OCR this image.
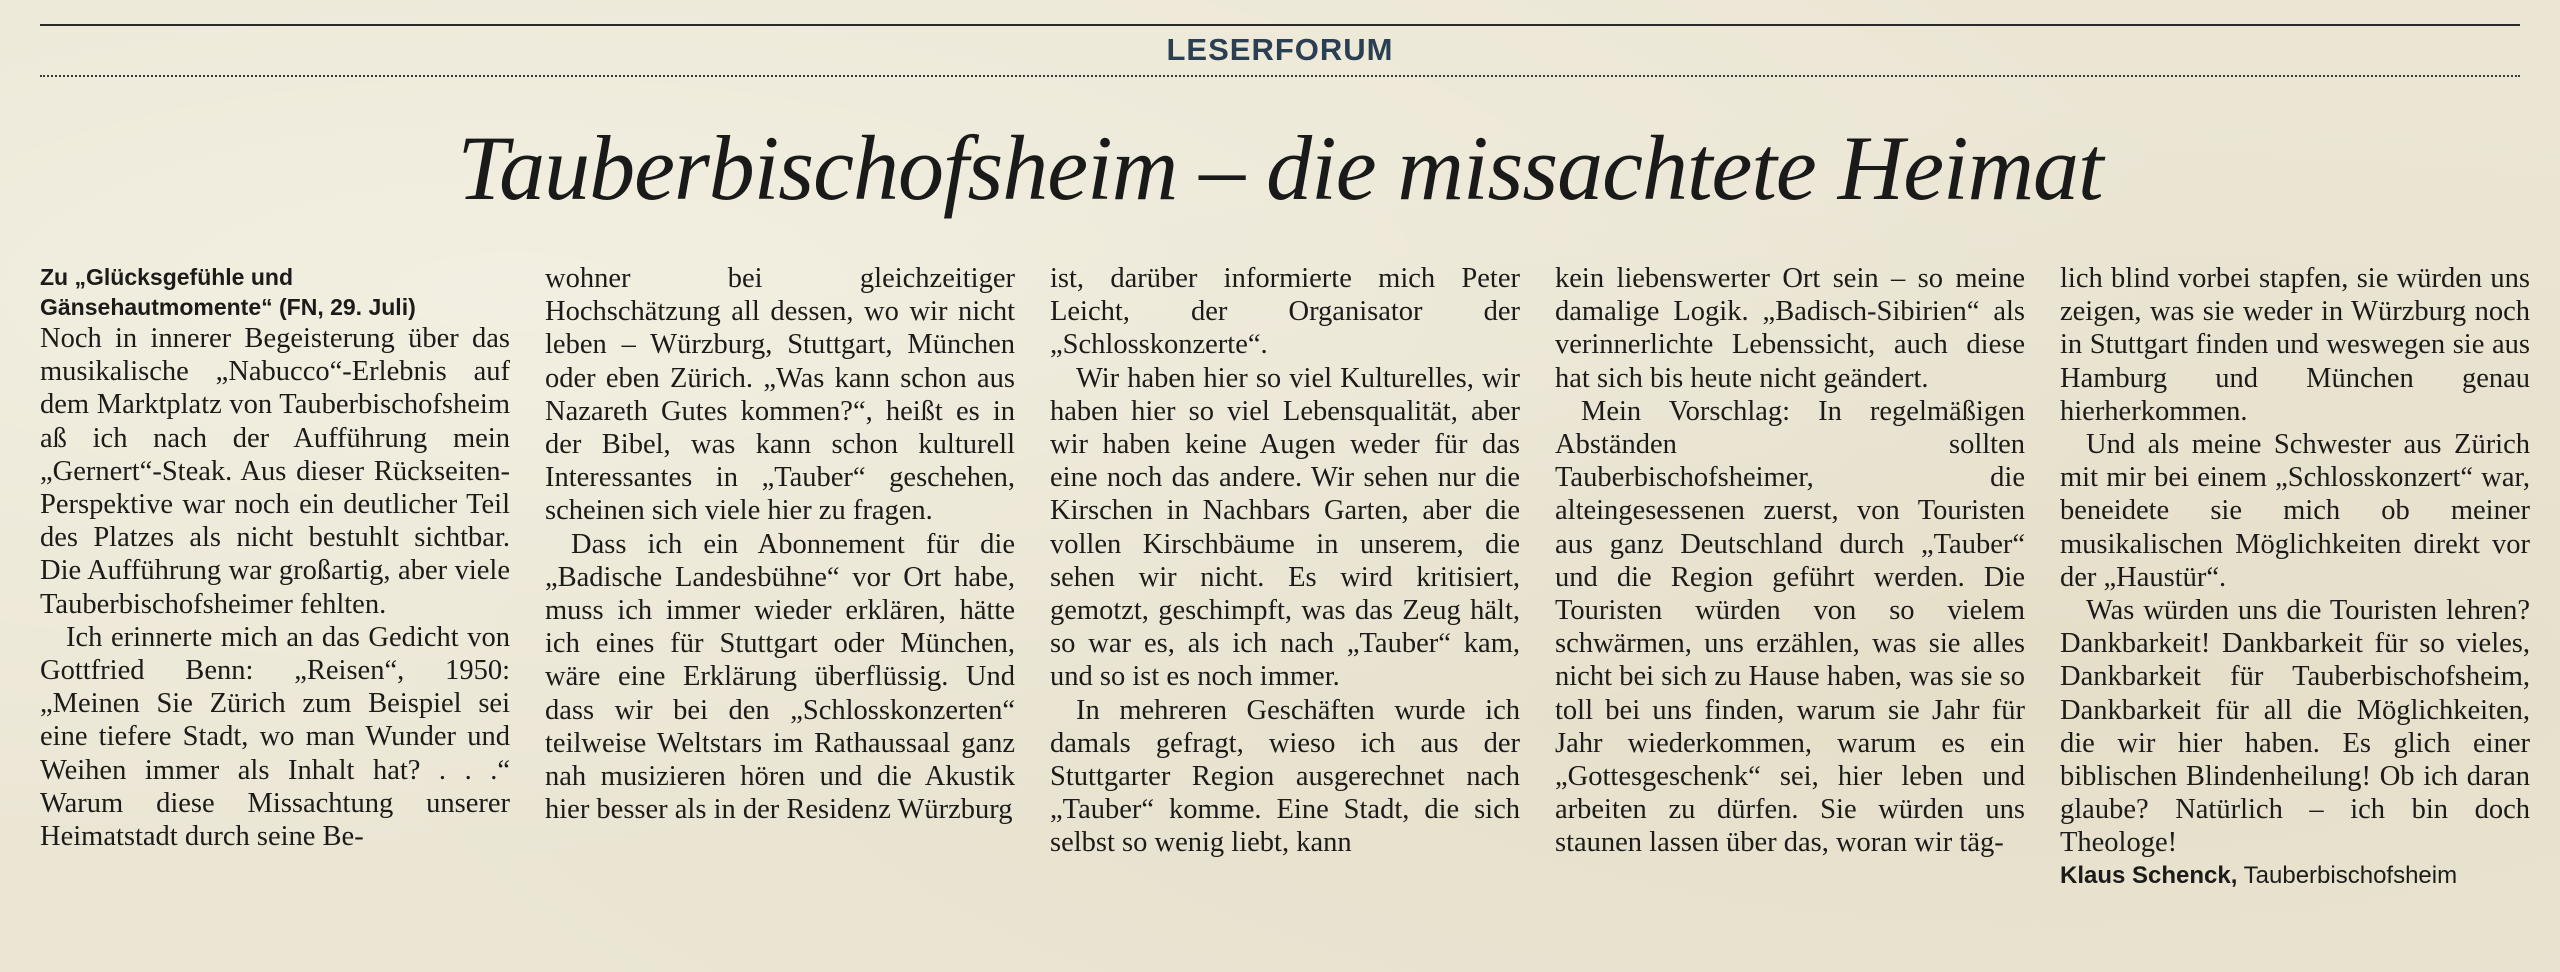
LESERFORUM
Tauberbischofsheim – die missachtete Heimat

Zu „Glücksgefühle und

Gänsehautmomente“ (FN, 29. Juli)

Noch in innerer Begeisterung über das musikalische „Nabucco“-Erlebnis auf dem Marktplatz von Tauberbischofsheim aß ich nach der Aufführung mein „Gernert“-Steak. Aus dieser Rückseiten-Perspektive war noch ein deutlicher Teil des Platzes als nicht bestuhlt sichtbar. Die Aufführung war großartig, aber viele Tauberbischofsheimer fehlten.

Ich erinnerte mich an das Gedicht von Gottfried Benn: „Reisen“, 1950: „Meinen Sie Zürich zum Beispiel sei eine tiefere Stadt, wo man Wunder und Weihen immer als Inhalt hat? . . .“ Warum diese Missachtung unserer Heimatstadt durch seine Be-

wohner bei gleichzeitiger Hochschätzung all dessen, wo wir nicht leben – Würzburg, Stuttgart, München oder eben Zürich. „Was kann schon aus Nazareth Gutes kommen?“, heißt es in der Bibel, was kann schon kulturell Interessantes in „Tauber“ geschehen, scheinen sich viele hier zu fragen.

Dass ich ein Abonnement für die „Badische Landesbühne“ vor Ort habe, muss ich immer wieder erklären, hätte ich eines für Stuttgart oder München, wäre eine Erklärung überflüssig. Und dass wir bei den „Schlosskonzerten“ teilweise Weltstars im Rathaussaal ganz nah musizieren hören und die Akustik hier besser als in der Residenz Würzburg

ist, darüber informierte mich Peter Leicht, der Organisator der „Schlosskonzerte“.

Wir haben hier so viel Kulturelles, wir haben hier so viel Lebensqualität, aber wir haben keine Augen weder für das eine noch das andere. Wir sehen nur die Kirschen in Nachbars Garten, aber die vollen Kirschbäume in unserem, die sehen wir nicht. Es wird kritisiert, gemotzt, geschimpft, was das Zeug hält, so war es, als ich nach „Tauber“ kam, und so ist es noch immer.

In mehreren Geschäften wurde ich damals gefragt, wieso ich aus der Stuttgarter Region ausgerechnet nach „Tauber“ komme. Eine Stadt, die sich selbst so wenig liebt, kann

kein liebenswerter Ort sein – so meine damalige Logik. „Badisch-Sibirien“ als verinnerlichte Lebenssicht, auch diese hat sich bis heute nicht geändert.

Mein Vorschlag: In regelmäßigen Abständen sollten Tauberbischofsheimer, die alteingesessenen zuerst, von Touristen aus ganz Deutschland durch „Tauber“ und die Region geführt werden. Die Touristen würden von so vielem schwärmen, uns erzählen, was sie alles nicht bei sich zu Hause haben, was sie so toll bei uns finden, warum sie Jahr für Jahr wiederkommen, warum es ein „Gottesgeschenk“ sei, hier leben und arbeiten zu dürfen. Sie würden uns staunen lassen über das, woran wir täg-

lich blind vorbei stapfen, sie würden uns zeigen, was sie weder in Würzburg noch in Stuttgart finden und weswegen sie aus Hamburg und München genau hierherkommen.

Und als meine Schwester aus Zürich mit mir bei einem „Schlosskonzert“ war, beneidete sie mich ob meiner musikalischen Möglichkeiten direkt vor der „Haustür“.

Was würden uns die Touristen lehren? Dankbarkeit! Dankbarkeit für so vieles, Dankbarkeit für Tauberbischofsheim, Dankbarkeit für all die Möglichkeiten, die wir hier haben. Es glich einer biblischen Blindenheilung! Ob ich daran glaube? Natürlich – ich bin doch Theologe!

Klaus Schenck, Tauberbischofsheim
